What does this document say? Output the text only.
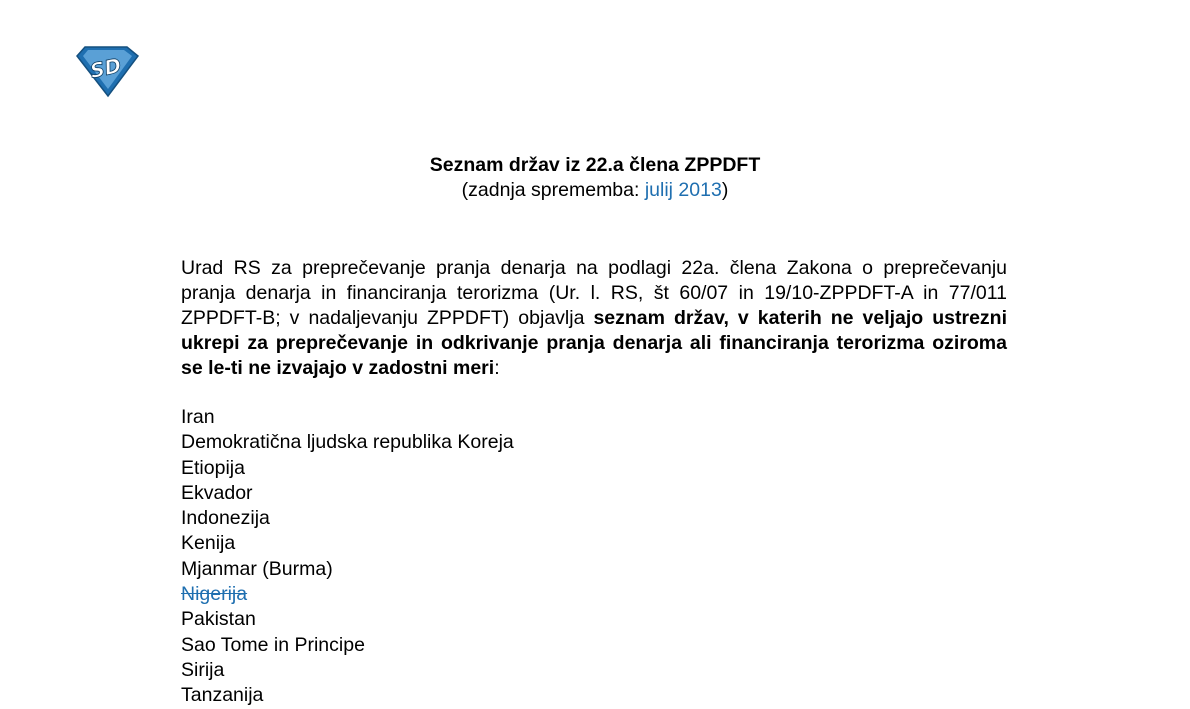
SD
Seznam držav iz 22.a člena ZPPDFT
(zadnja sprememba: julij 2013)
Urad RS za preprečevanje pranja denarja na podlagi 22a. člena Zakona o preprečevanju pranja denarja in financiranja terorizma (Ur. l. RS, št 60/07 in 19/10-ZPPDFT-A in 77/011 ZPPDFT-B; v nadaljevanju ZPPDFT) objavlja seznam držav, v katerih ne veljajo ustrezni ukrepi za preprečevanje in odkrivanje pranja denarja ali financiranja terorizma oziroma se le-ti ne izvajajo v zadostni meri:
Iran
Demokratična ljudska republika Koreja
Etiopija
Ekvador
Indonezija
Kenija
Mjanmar (Burma)
Nigerija
Pakistan
Sao Tome in Principe
Sirija
Tanzanija
